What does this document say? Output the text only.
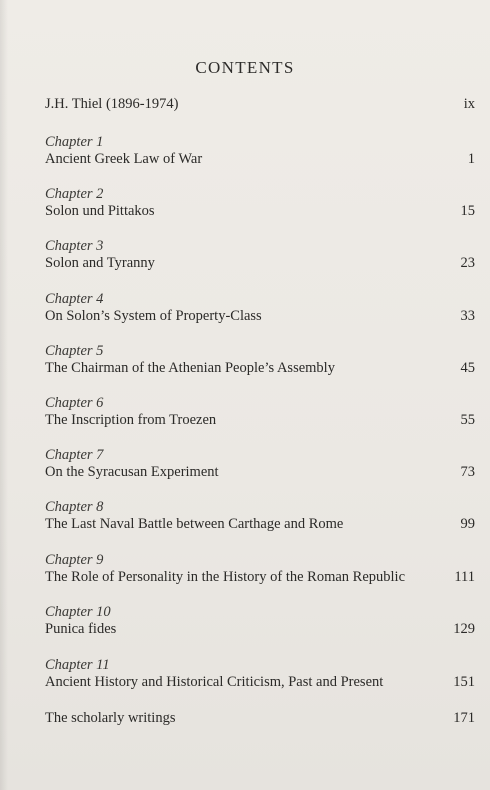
CONTENTS
J.H. Thiel (1896-1974)	ix
Chapter 1
Ancient Greek Law of War	1
Chapter 2
Solon und Pittakos	15
Chapter 3
Solon and Tyranny	23
Chapter 4
On Solon’s System of Property-Class	33
Chapter 5
The Chairman of the Athenian People’s Assembly	45
Chapter 6
The Inscription from Troezen	55
Chapter 7
On the Syracusan Experiment	73
Chapter 8
The Last Naval Battle between Carthage and Rome	99
Chapter 9
The Role of Personality in the History of the Roman Republic	111
Chapter 10
Punica fides	129
Chapter 11
Ancient History and Historical Criticism, Past and Present	151
The scholarly writings	171
